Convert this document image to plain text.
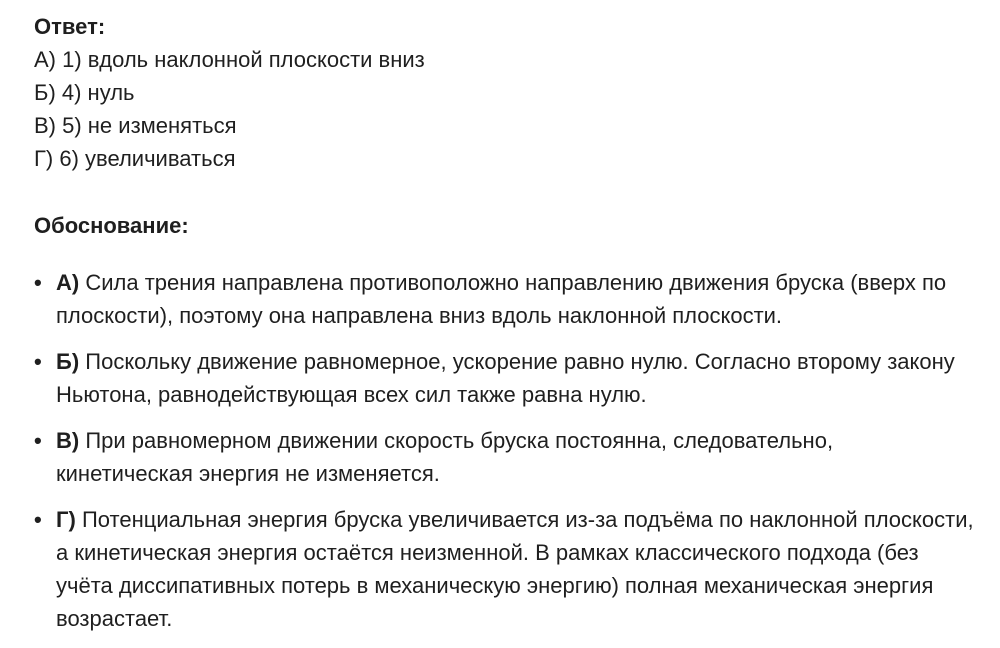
Ответ:

А) 1) вдоль наклонной плоскости вниз
Б) 4) нуль
В) 5) не изменяться
Г) 6) увеличиваться

Обоснование:

• А) Сила трения направлена противоположно направлению движения бруска (вверх по плоскости), поэтому она направлена вниз вдоль наклонной плоскости.
• Б) Поскольку движение равномерное, ускорение равно нулю. Согласно второму закону Ньютона, равнодействующая всех сил также равна нулю.
• В) При равномерном движении скорость бруска постоянна, следовательно, кинетическая энергия не изменяется.
• Г) Потенциальная энергия бруска увеличивается из-за подъёма по наклонной плоскости, а кинетическая энергия остаётся неизменной. В рамках классического подхода (без учёта диссипативных потерь в механическую энергию) полная механическая энергия возрастает.
